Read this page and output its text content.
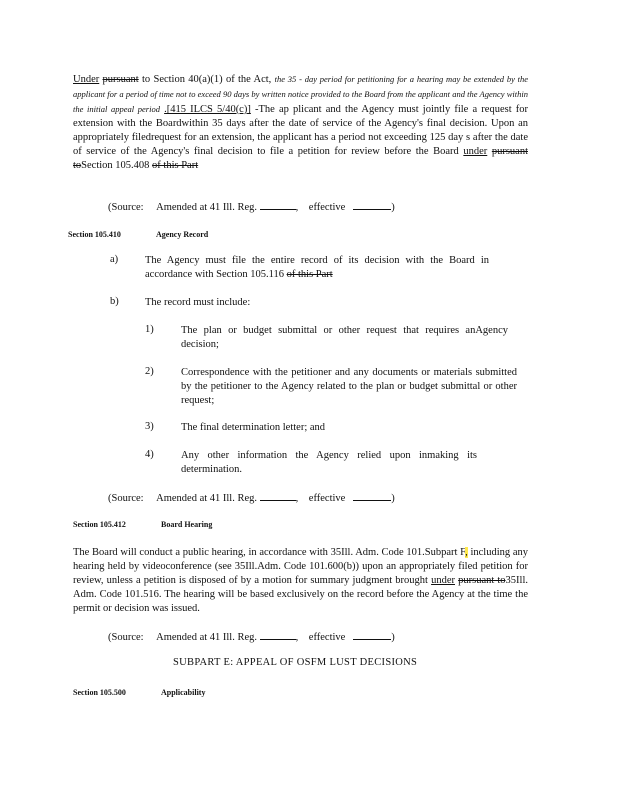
Under pursuant to Section 40(a)(1) of the Act, the 35 - day period for petitioning for a hearing may be extended by the applicant for a period of time not to exceed 90 days by written notice provided to the Board from the applicant and the Agency within the initial appeal period .[415 ILCS 5/40(c)] -The ap plicant and the Agency must jointly file a request for extension with the Boardwithin 35 days after the date of service of the Agency's final decision. Upon an appropriately filedrequest for an extension, the applicant has a period not exceeding 125 day s after the date of service of the Agency's final decision to file a petition for review before the Board under pursuant toSection 105.408 of this Part
(Source: Amended at 41 Ill. Reg.	,    effective	)
Section 105.410	Agency Record
a)	The Agency must file the entire record of its decision with the Board in accordance with Section 105.116 of this Part
b)	The record must include:
1)	The plan or budget submittal or other request that requires anAgency decision;
2)	Correspondence with the petitioner and any documents or materials submitted by the petitioner to the Agency related to the plan or budget submittal or other request;
3)	The final determination letter; and
4)	Any other information the Agency relied upon inmaking its determination.
(Source: Amended at 41 Ill. Reg.	,    effective	)
Section 105.412	Board Hearing
The Board will conduct a public hearing, in accordance with 35Ill. Adm. Code 101.Subpart F, including any hearing held by videoconference (see 35Ill.Adm. Code 101.600(b)) upon an appropriately filed petition for review, unless a petition is disposed of by a motion for summary judgment brought under pursuant to35Ill. Adm. Code 101.516. The hearing will be based exclusively on the record before the Agency at the time the permit or decision was issued.
(Source: Amended at 41 Ill. Reg.	,    effective	)
SUBPART E: APPEAL OF OSFM LUST DECISIONS
Section 105.500	Applicability
